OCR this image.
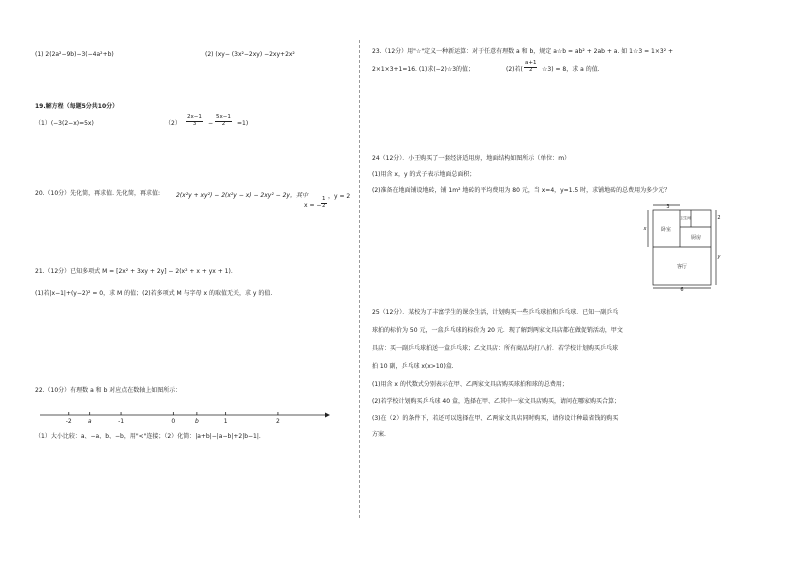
(1) 2(2a²−9b)−3(−4a²+b)	(2) (xy− (3x²−2xy) −2xy+2x²
19.解方程（每题5分共10分）
（1）(−3(2−x)=5x)	$(2) \frac{2x-1}{3} - \frac{5x-1}{2} =1$)
20.（10分）先化简，再求值. 先化简，再求值:	2(x²y + xy²) − 2(x²y − x) − 2xy² − 2y，其中
x = − $\frac{1}{2}$
，y = 2
21.（12分）已知多项式 M = [2x² + 3xy + 2y] − 2(x² + x + yx + 1).
(1)若|x−1|+(y−2)² = 0，求 M 的值；(2)若多项式 M 与字母 x 的取值无关，求 y 的值.
22.（10分）有理数 a 和 b 对应点在数轴上如图所示：
-2	a	-1	0	b	1	2
（1）大小比较：a、−a、b、−b，用"<"连接；（2）化简：|a+b|−|a−b|+2|b−1|.
23.（12分）用"☆"定义一种新运算：对于任意有理数 a 和 b，规定 a☆b = ab² + 2ab + a. 如 1☆3 = 1×3² +
2×1×3+1=16. (1)求(−2)☆3的值；	(2)若( $\frac{a+1}{2}$ ☆3) = 8，求 a 的值.
24（12分）．小王购买了一套经济适用房，地面结构如图所示（单位：m）
(1)用含 x，y 的式子表示地面总面积；
(2)准备在地面铺设地砖，铺 1m² 地砖的平均费用为 80 元，当 x=4，y=1.5 时，求铺地砖的总费用为多少元？
3
6
2
y
x	卧室
厨房
客厅
卫生间
25（12分）．某校为了丰富学生的课余生活，计划购买一些乒乓球拍和乒乓球．已知一副乒乓
球拍的标价为 50 元，一盒乒乓球的标价为 20 元．现了解到两家文具店都在做促销活动，甲文
具店：买一副乒乓球拍送一盒乒乓球；乙文具店：所有商品均打八折．若学校计划购买乒乓球
拍 10 副，乒乓球 x(x>10)盒.
(1)用含 x 的代数式分别表示在甲、乙两家文具店购买球拍和球的总费用；
(2)若学校计划购买乒乓球 40 盒，选择在甲、乙其中一家文具店购买，请问在哪家购买合算；
(3)在（2）的条件下，若还可以选择在甲、乙两家文具店同时购买，请你设计种最省钱的购买
方案.
